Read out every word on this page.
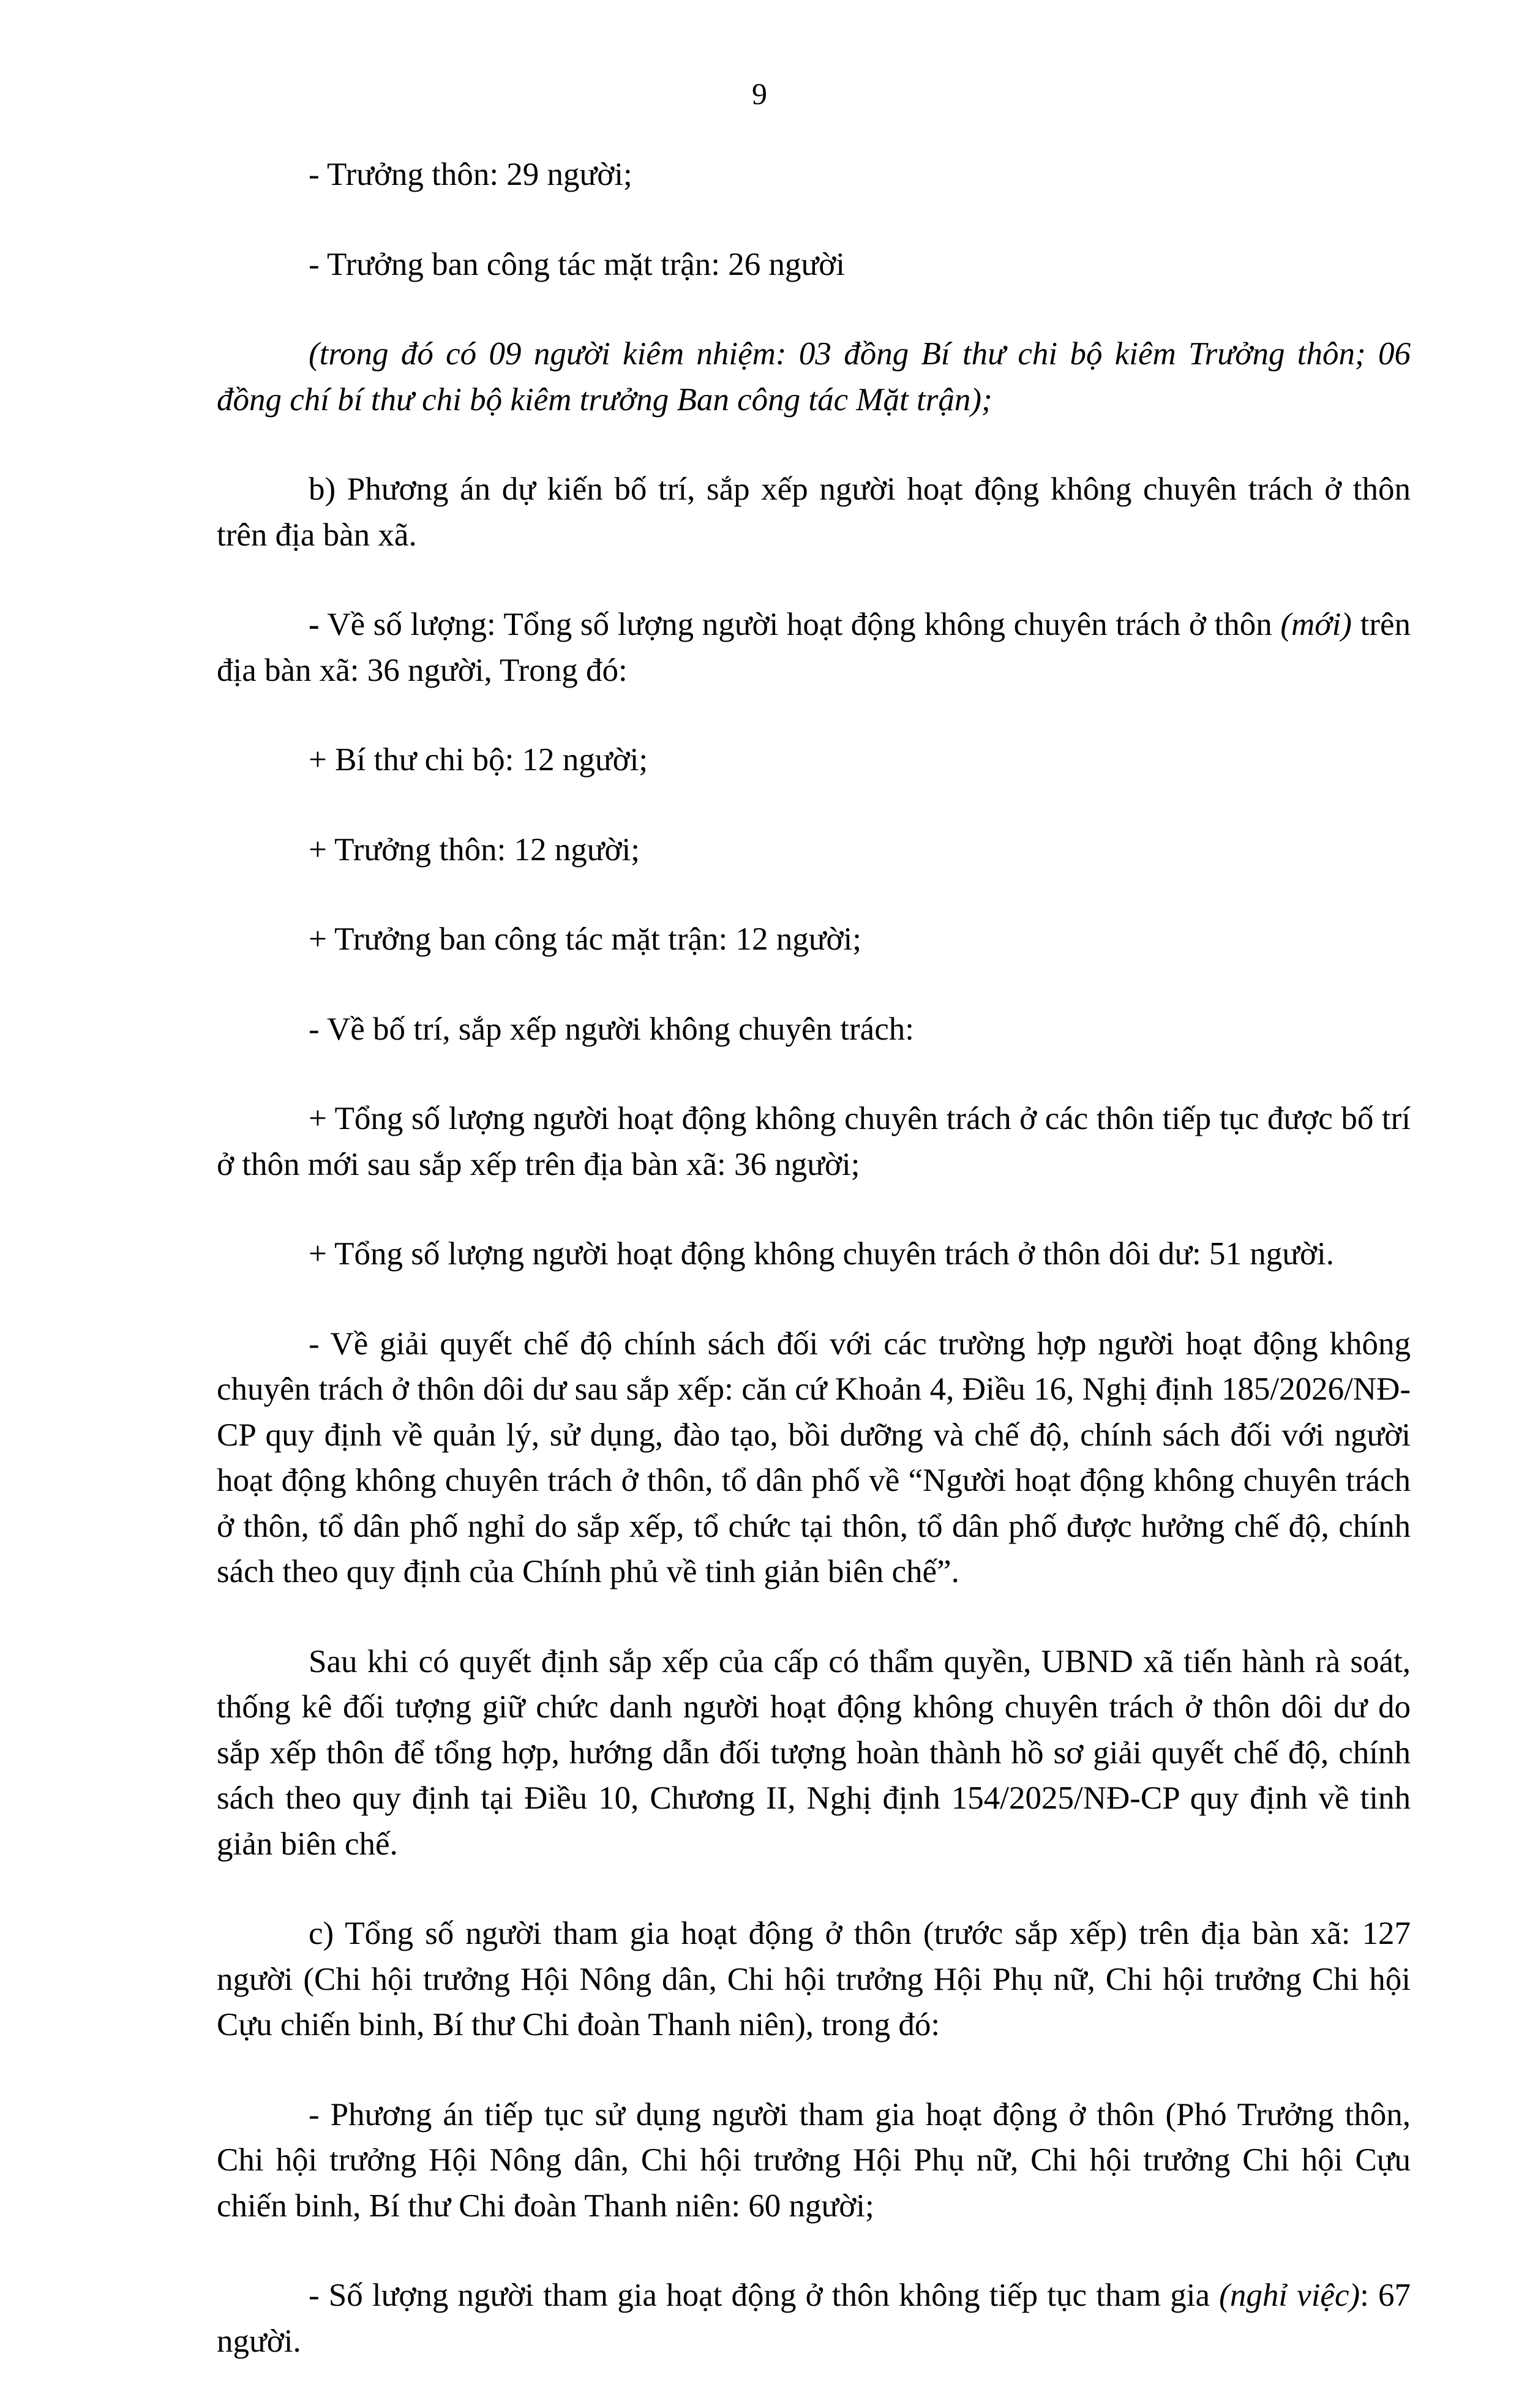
9

- Trưởng thôn: 29 người;

- Trưởng ban công tác mặt trận: 26 người

(trong đó có 09 người kiêm nhiệm: 03 đồng Bí thư chi bộ kiêm Trưởng thôn; 06 đồng chí bí thư chi bộ kiêm trưởng Ban công tác Mặt trận);

b) Phương án dự kiến bố trí, sắp xếp người hoạt động không chuyên trách ở thôn trên địa bàn xã.

- Về số lượng: Tổng số lượng người hoạt động không chuyên trách ở thôn (mới) trên địa bàn xã: 36 người, Trong đó:

+ Bí thư chi bộ: 12 người;

+ Trưởng thôn: 12 người;

+ Trưởng ban công tác mặt trận: 12 người;

- Về bố trí, sắp xếp người không chuyên trách:

+ Tổng số lượng người hoạt động không chuyên trách ở các thôn tiếp tục được bố trí ở thôn mới sau sắp xếp trên địa bàn xã: 36 người;

+ Tổng số lượng người hoạt động không chuyên trách ở thôn dôi dư: 51 người.

- Về giải quyết chế độ chính sách đối với các trường hợp người hoạt động không chuyên trách ở thôn dôi dư sau sắp xếp: căn cứ Khoản 4, Điều 16, Nghị định 185/2026/NĐ-CP quy định về quản lý, sử dụng, đào tạo, bồi dưỡng và chế độ, chính sách đối với người hoạt động không chuyên trách ở thôn, tổ dân phố về “Người hoạt động không chuyên trách ở thôn, tổ dân phố nghỉ do sắp xếp, tổ chức tại thôn, tổ dân phố được hưởng chế độ, chính sách theo quy định của Chính phủ về tinh giản biên chế”.

Sau khi có quyết định sắp xếp của cấp có thẩm quyền, UBND xã tiến hành rà soát, thống kê đối tượng giữ chức danh người hoạt động không chuyên trách ở thôn dôi dư do sắp xếp thôn để tổng hợp, hướng dẫn đối tượng hoàn thành hồ sơ giải quyết chế độ, chính sách theo quy định tại Điều 10, Chương II, Nghị định 154/2025/NĐ-CP quy định về tinh giản biên chế.

c) Tổng số người tham gia hoạt động ở thôn (trước sắp xếp) trên địa bàn xã: 127 người (Chi hội trưởng Hội Nông dân, Chi hội trưởng Hội Phụ nữ, Chi hội trưởng Chi hội Cựu chiến binh, Bí thư Chi đoàn Thanh niên), trong đó:

- Phương án tiếp tục sử dụng người tham gia hoạt động ở thôn (Phó Trưởng thôn, Chi hội trưởng Hội Nông dân, Chi hội trưởng Hội Phụ nữ, Chi hội trưởng Chi hội Cựu chiến binh, Bí thư Chi đoàn Thanh niên: 60 người;

- Số lượng người tham gia hoạt động ở thôn không tiếp tục tham gia (nghỉ việc): 67 người.
